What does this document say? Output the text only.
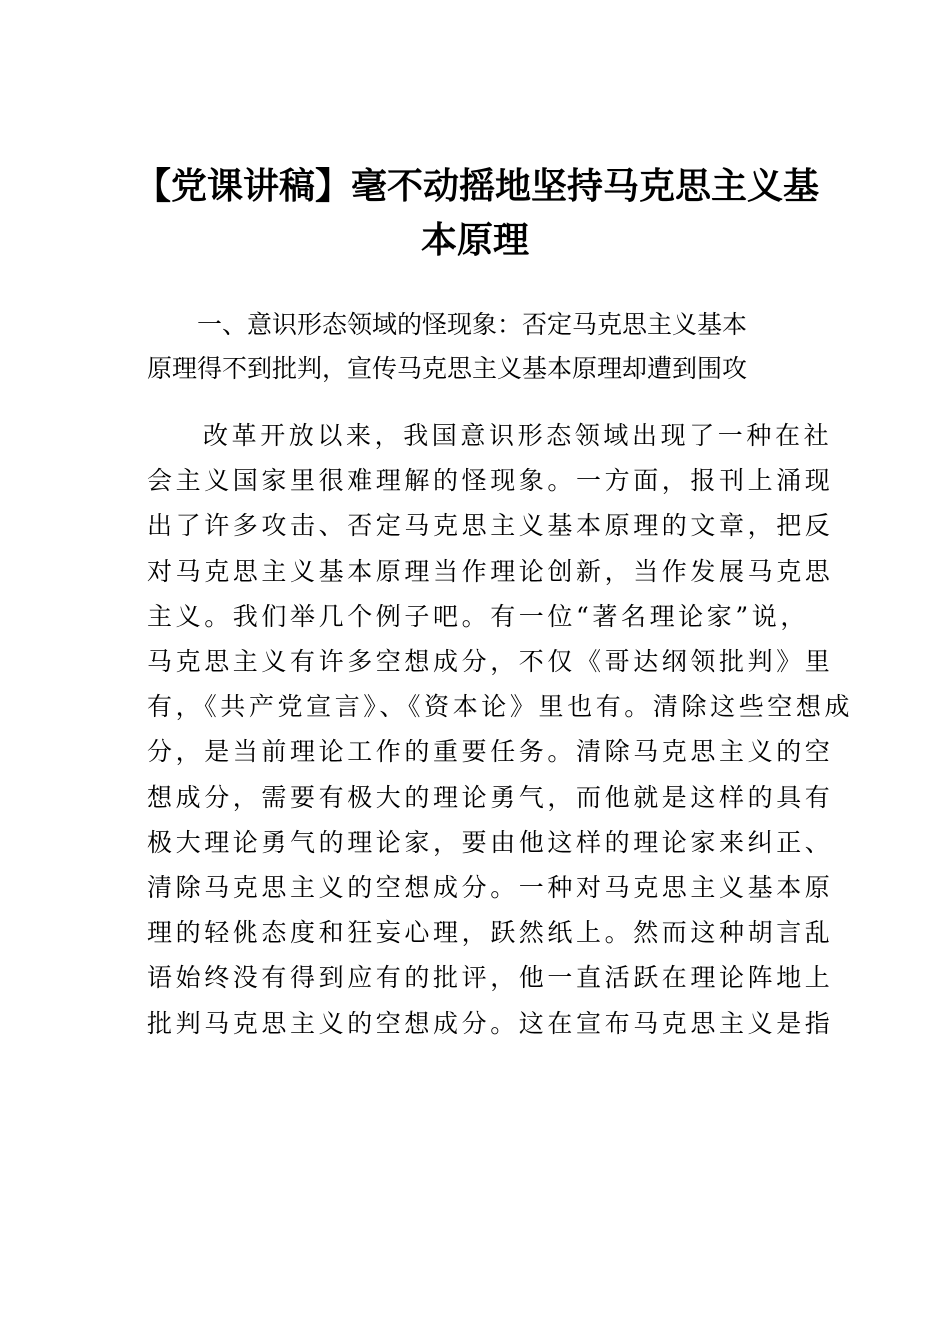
【党课讲稿】毫不动摇地坚持马克思主义基
本原理
一、意识形态领域的怪现象：否定马克思主义基本
原理得不到批判，宣传马克思主义基本原理却遭到围攻
改革开放以来，我国意识形态领域出现了一种在社
会主义国家里很难理解的怪现象。一方面，报刊上涌现
出了许多攻击、否定马克思主义基本原理的文章，把反
对马克思主义基本原理当作理论创新，当作发展马克思
主义。我们举几个例子吧。有一位“著名理论家”说，
马克思主义有许多空想成分，不仅《哥达纲领批判》里
有，《共产党宣言》、《资本论》里也有。清除这些空想成
分，是当前理论工作的重要任务。清除马克思主义的空
想成分，需要有极大的理论勇气，而他就是这样的具有
极大理论勇气的理论家，要由他这样的理论家来纠正、
清除马克思主义的空想成分。一种对马克思主义基本原
理的轻佻态度和狂妄心理，跃然纸上。然而这种胡言乱
语始终没有得到应有的批评，他一直活跃在理论阵地上
批判马克思主义的空想成分。这在宣布马克思主义是指
